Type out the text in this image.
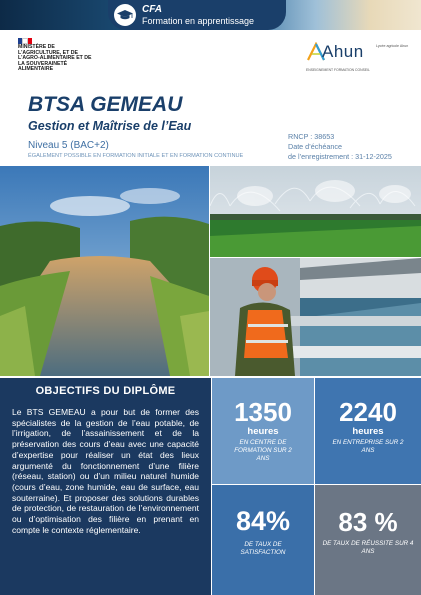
CFA
Formation en apprentissage
MINISTÈRE DE L'AGRICULTURE, ET DE L'AGRO-ALIMENTAIRE ET DE LA SOUVERAINETÉ ALIMENTAIRE
Ahun	Lycée agricole Ahun
ENSEIGNEMENT FORMATION CONSEIL
BTSA GEMEAU
Gestion et Maîtrise de l’Eau
Niveau 5 (BAC+2)
ÉGALEMENT POSSIBLE EN FORMATION INITIALE ET EN FORMATION CONTINUE
RNCP : 38653
Date d’échéance
de l’enregistrement : 31-12-2025
OBJECTIFS DU DIPLÔME
Le BTS GEMEAU a pour but de former des spécialistes de la gestion de l’eau potable, de l’irrigation, de l’assainissement et de la préservation des cours d’eau avec une capacité d’expertise pour réaliser un état des lieux argumenté du fonctionnement d’une filière (réseau, station) ou d’un milieu naturel humide (cours d’eau, zone humide, eau de surface, eau souterraine). Et proposer des solutions durables de protection, de restauration de l’environnement ou d’optimisation des filière en prenant en compte le contexte réglementaire.
1350
heures
EN CENTRE DE FORMATION SUR 2 ANS
2240
heures
EN ENTREPRISE SUR 2 ANS
84%
DE TAUX DE SATISFACTION
83 %
DE TAUX DE RÉUSSITE SUR 4 ANS
